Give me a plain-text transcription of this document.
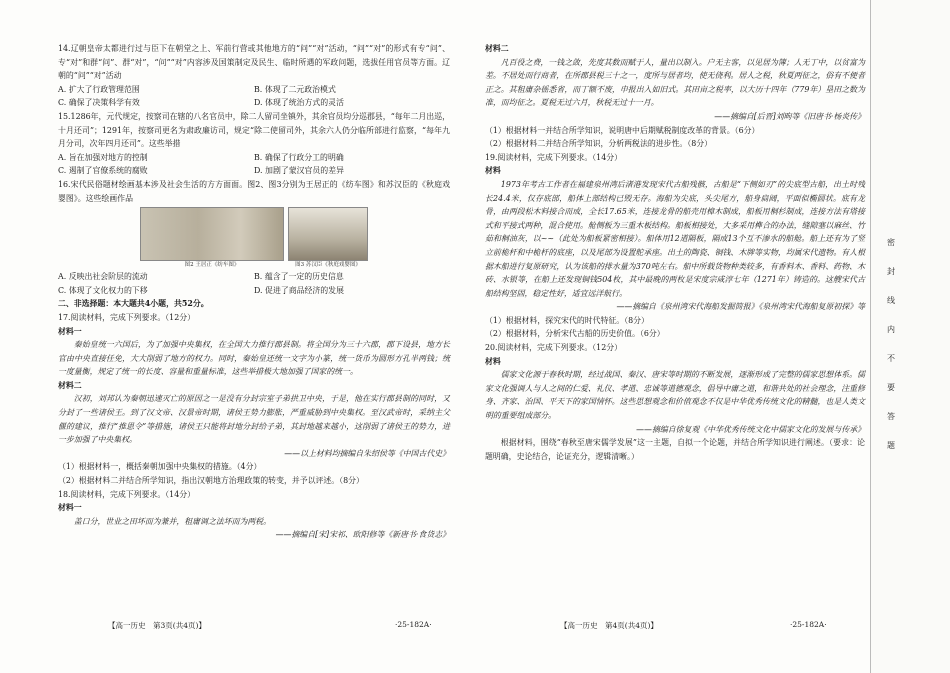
14.辽朝皇帝太都进行过与臣下在朝堂之上、军前行营或其他地方的“问”“对”活动，“问”“对”的形式有专“问”、专“对”和群“问”、群“对”，“问”“对”内容涉及国策制定及民生、临时所遇的军政问题，选拔任用官员等方面。辽朝的“问”“对”活动

A. 扩大了行政管理范围	B. 体现了二元政治模式
C. 确保了决策科学有效	D. 体现了统治方式的灵活

15.1286年，元代规定，按察司在辖的八名官员中，除二人留司坐镇外，其余官员均分巡郡县，“每年二月出巡，十月还司”；1291年，按察司更名为肃政廉访司，规定“除二使留司外，其余六人仍分临所部进行监察，“每年九月分司，次年四月还司”。这些举措

A. 旨在加强对地方的控制	B. 确保了行政分工的明确
C. 遏制了官僚系统的腐败	D. 加剧了蒙汉官员的差异

16.宋代民俗题材绘画基本涉及社会生活的方方面面。图2、图3分别为王居正的《纺车图》和苏汉臣的《秋庭戏婴图》。这些绘画作品

图2 王居正《纺车图》	图3 苏汉臣《秋庭戏婴图》
A. 反映出社会阶层的流动	B. 蕴含了一定的历史信息
C. 体现了文化权力的下移	D. 促进了商品经济的发展

二、非选择题：本大题共4小题，共52分。

17.阅读材料，完成下列要求。（12分）

材料一

秦始皇统一六国后，为了加强中央集权，在全国大力推行郡县制。将全国分为三十六郡，郡下设县，地方长官由中央直接任免，大大削弱了地方的权力。同时，秦始皇还统一文字为小篆，统一货币为圆形方孔半两钱；统一度量衡，规定了统一的长度、容量和重量标准，这些举措极大地加强了国家的统一。

材料二

汉初，刘邦认为秦朝迅速灭亡的原因之一是没有分封宗室子弟拱卫中央，于是，他在实行郡县制的同时，又分封了一些诸侯王。到了汉文帝、汉景帝时期，诸侯王势力膨胀，严重威胁到中央集权。至汉武帝时，采纳主父偃的建议，推行“推恩令”等措施，诸侯王只能将封地分封给子弟，其封地越来越小，这削弱了诸侯王的势力，进一步加强了中央集权。

——以上材料均摘编自朱绍侯等《中国古代史》

（1）根据材料一，概括秦朝加强中央集权的措施。（4分）

（2）根据材料二并结合所学知识，指出汉朝地方治理政策的转变，并予以评述。（8分）

18.阅读材料，完成下列要求。（14分）

材料一

盖口分，世业之田坏而为兼并，租庸调之法坏而为两税。

——摘编自[宋]宋祁、欧阳修等《新唐书·食货志》

材料二

凡百役之费，一钱之敛，先度其数而赋于人，量出以制入。户无主客，以见居为簿；人无丁中，以贫富为差。不居处而行商者，在所郡县税三十之一，度所与居者均，使无侥利。居人之税，秋夏两征之，俗有不便者正之。其租庸杂徭悉省，而丁额不废，申报出入如旧式。其田亩之税率，以大历十四年（779年）垦田之数为准，而均征之。夏税无过六月，秋税无过十一月。

——摘编自[后晋]刘昫等《旧唐书·杨炎传》

（1）根据材料一并结合所学知识，说明唐中后期赋税制度改革的背景。（6分）

（2）根据材料二并结合所学知识，分析两税法的进步性。（8分）

19.阅读材料，完成下列要求。（14分）

材料

1973年考古工作者在福建泉州湾后渚港发现宋代古船残骸，古船是“下侧如刃”的尖底型古船，出土时残长24.4米，仅存底部，船体上部结构已毁无存。海船为尖底，头尖尾方，船身扁阔，平面似椭圆状。底有龙骨，由两段松木料接合而成，全长17.65米，连接龙骨的船壳用樟木制成，船板用桐杉制成，连接方法有塔接式和平接式两种，混合使用。舱侧板为三重木板结构。船板相接处，大多采用榫合的办法，缝隙塞以麻丝、竹茹和桐油灰，以~~（此处为船板紧密相接）。船体用12道隔板，隔成13个互不渗水的船舱。船上还有为了竖立前桅杆和中桅杆的底座，以及尾部为设置舵承座。出土的陶瓷、铜钱、木牌等实物，均属宋代遗物。有人根据木船进行复原研究，认为该船的排水量为370吨左右。船中所载货物种类较多，有香料木、香料、药物、木砖、水银等，在船上还发现铜钱504枚，其中最晚的两枚是宋度宗咸淳七年（1271年）铸造的。这艘宋代古船结构坚固，稳定性好，适宜远洋航行。

——摘编自《泉州湾宋代海船发掘简报》《泉州湾宋代海船复原初探》等

（1）根据材料，探究宋代的时代特征。（8分）

（2）根据材料，分析宋代古船的历史价值。（6分）

20.阅读材料，完成下列要求。（12分）

材料

儒家文化源于春秋时期，经过战国、秦汉、唐宋等时期的不断发展，逐渐形成了完整的儒家思想体系。儒家文化强调人与人之间的仁爱、礼仪、孝道、忠诚等道德观念，倡导中庸之道，和谐共处的社会理念，注重修身、齐家、治国、平天下的家国情怀。这些思想观念和价值观念不仅是中华优秀传统文化的精髓，也是人类文明的重要组成部分。

——摘编自徐复观《中华优秀传统文化中儒家文化的发展与传承》

根据材料，围绕“春秋至唐宋儒学发展”这一主题，自拟一个论题，并结合所学知识进行阐述。（要求：论题明确，史论结合，论证充分，逻辑清晰。）

【高一历史　第3页(共4页)】	·25-182A·	【高一历史　第4页(共4页)】	·25-182A·
密
封
线
内
不
要
答
题
